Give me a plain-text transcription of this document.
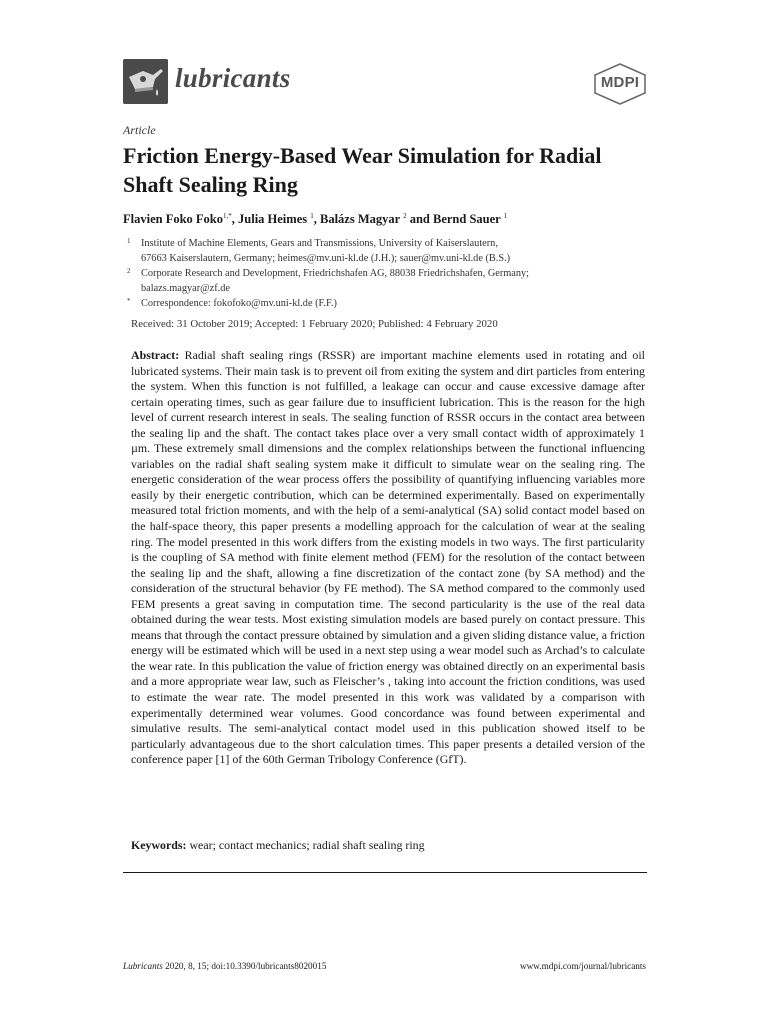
lubricants	MDPI
Article
Friction Energy-Based Wear Simulation for Radial Shaft Sealing Ring
Flavien Foko Foko$^{1,*}$, Julia Heimes $^1$, Balázs Magyar $^2$ and Bernd Sauer $^1$
1 Institute of Machine Elements, Gears and Transmissions, University of Kaiserslautern,
67663 Kaiserslautern, Germany; heimes@mv.uni-kl.de (J.H.); sauer@mv.uni-kl.de (B.S.)
2 Corporate Research and Development, Friedrichshafen AG, 88038 Friedrichshafen, Germany;
balazs.magyar@zf.de
* Correspondence: fokofoko@mv.uni-kl.de (F.F.)
Received: 31 October 2019; Accepted: 1 February 2020; Published: 4 February 2020
Abstract: Radial shaft sealing rings (RSSR) are important machine elements used in rotating and oil lubricated systems. Their main task is to prevent oil from exiting the system and dirt particles from entering the system. When this function is not fulfilled, a leakage can occur and cause excessive damage after certain operating times, such as gear failure due to insufficient lubrication. This is the reason for the high level of current research interest in seals. The sealing function of RSSR occurs in the contact area between the sealing lip and the shaft. The contact takes place over a very small contact width of approximately 1 µm. These extremely small dimensions and the complex relationships between the functional influencing variables on the radial shaft sealing system make it difficult to simulate wear on the sealing ring. The energetic consideration of the wear process offers the possibility of quantifying influencing variables more easily by their energetic contribution, which can be determined experimentally. Based on experimentally measured total friction moments, and with the help of a semi-analytical (SA) solid contact model based on the half-space theory, this paper presents a modelling approach for the calculation of wear at the sealing ring. The model presented in this work differs from the existing models in two ways. The first particularity is the coupling of SA method with finite element method (FEM) for the resolution of the contact between the sealing lip and the shaft, allowing a fine discretization of the contact zone (by SA method) and the consideration of the structural behavior (by FE method). The SA method compared to the commonly used FEM presents a great saving in computation time. The second particularity is the use of the real data obtained during the wear tests. Most existing simulation models are based purely on contact pressure. This means that through the contact pressure obtained by simulation and a given sliding distance value, a friction energy will be estimated which will be used in a next step using a wear model such as Archad’s to calculate the wear rate. In this publication the value of friction energy was obtained directly on an experimental basis and a more appropriate wear law, such as Fleischer’s , taking into account the friction conditions, was used to estimate the wear rate. The model presented in this work was validated by a comparison with experimentally determined wear volumes. Good concordance was found between experimental and simulative results. The semi-analytical contact model used in this publication showed itself to be particularly advantageous due to the short calculation times. This paper presents a detailed version of the conference paper [1] of the 60th German Tribology Conference (GfT).
Keywords: wear; contact mechanics; radial shaft sealing ring
Lubricants 2020, 8, 15; doi:10.3390/lubricants8020015	www.mdpi.com/journal/lubricants
